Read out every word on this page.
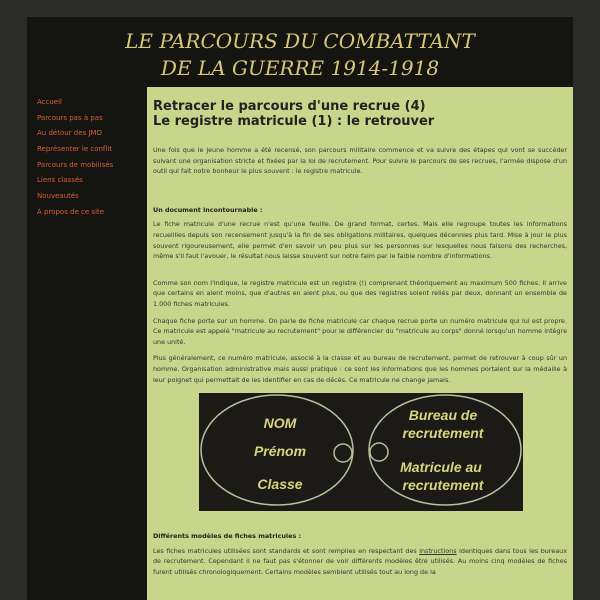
LE PARCOURS DU COMBATTANT
DE LA GUERRE 1914-1918
Accueil
Parcours pas à pas
Au détour des JMO
Représenter le conflit
Parcours de mobilisés
Liens classés
Nouveautés
A propos de ce site
Retracer le parcours d'une recrue (4)
Le registre matricule (1) : le retrouver

Une fois que le jeune homme a été recensé, son parcours militaire commence et va suivre des étapes qui vont se succéder suivant une organisation stricte et fixées par la loi de recrutement. Pour suivre le parcours de ses recrues, l'armée dispose d'un outil qui fait notre bonheur le plus souvent : le registre matricule.

Un document incontournable :

Le fiche matricule d'une recrue n'est qu'une feuille. De grand format, certes. Mais elle regroupe toutes les informations recueillies depuis son recensement jusqu'à la fin de ses obligations militaires, quelques décennies plus tard. Mise à jour le plus souvent rigoureusement, elle permet d'en savoir un peu plus sur les personnes sur lesquelles nous faisons des recherches, même s'il faut l'avouer, le résultat nous laisse souvent sur notre faim par le faible nombre d'informations.

Comme son nom l'indique, le registre matricule est un registre (!) comprenant théoriquement au maximum 500 fiches. Il arrive que certains en aient moins, que d'autres en aient plus, ou que des registres soient reliés par deux, donnant un ensemble de 1.000 fiches matricules.

Chaque fiche porte sur un homme. On parle de fiche matricule car chaque recrue porte un numéro matricule qui lui est propre. Ce matricule est appelé "matricule au recrutement" pour le différencier du "matricule au corps" donné lorsqu'un homme intègre une unité.

Plus généralement, ce numéro matricule, associé à la classe et au bureau de recrutement, permet de retrouver à coup sûr un homme. Organisation administrative mais aussi pratique : ce sont les informations que les hommes portaient sur la médaille à leur poignet qui permettait de les identifier en cas de décès. Ce matricule ne change jamais.

NOM
Prénom
Classe
Bureau de
recrutement
Matricule au
recrutement

Différents modèles de fiches matricules :

Les fiches matricules utilisées sont standards et sont remplies en respectant des instructions identiques dans tous les bureaux de recrutement. Cependant il ne faut pas s'étonner de voir différents modèles être utilisés. Au moins cinq modèles de fiches furent utilisés chronologiquement. Certains modèles semblent utilisés tout au long de la
